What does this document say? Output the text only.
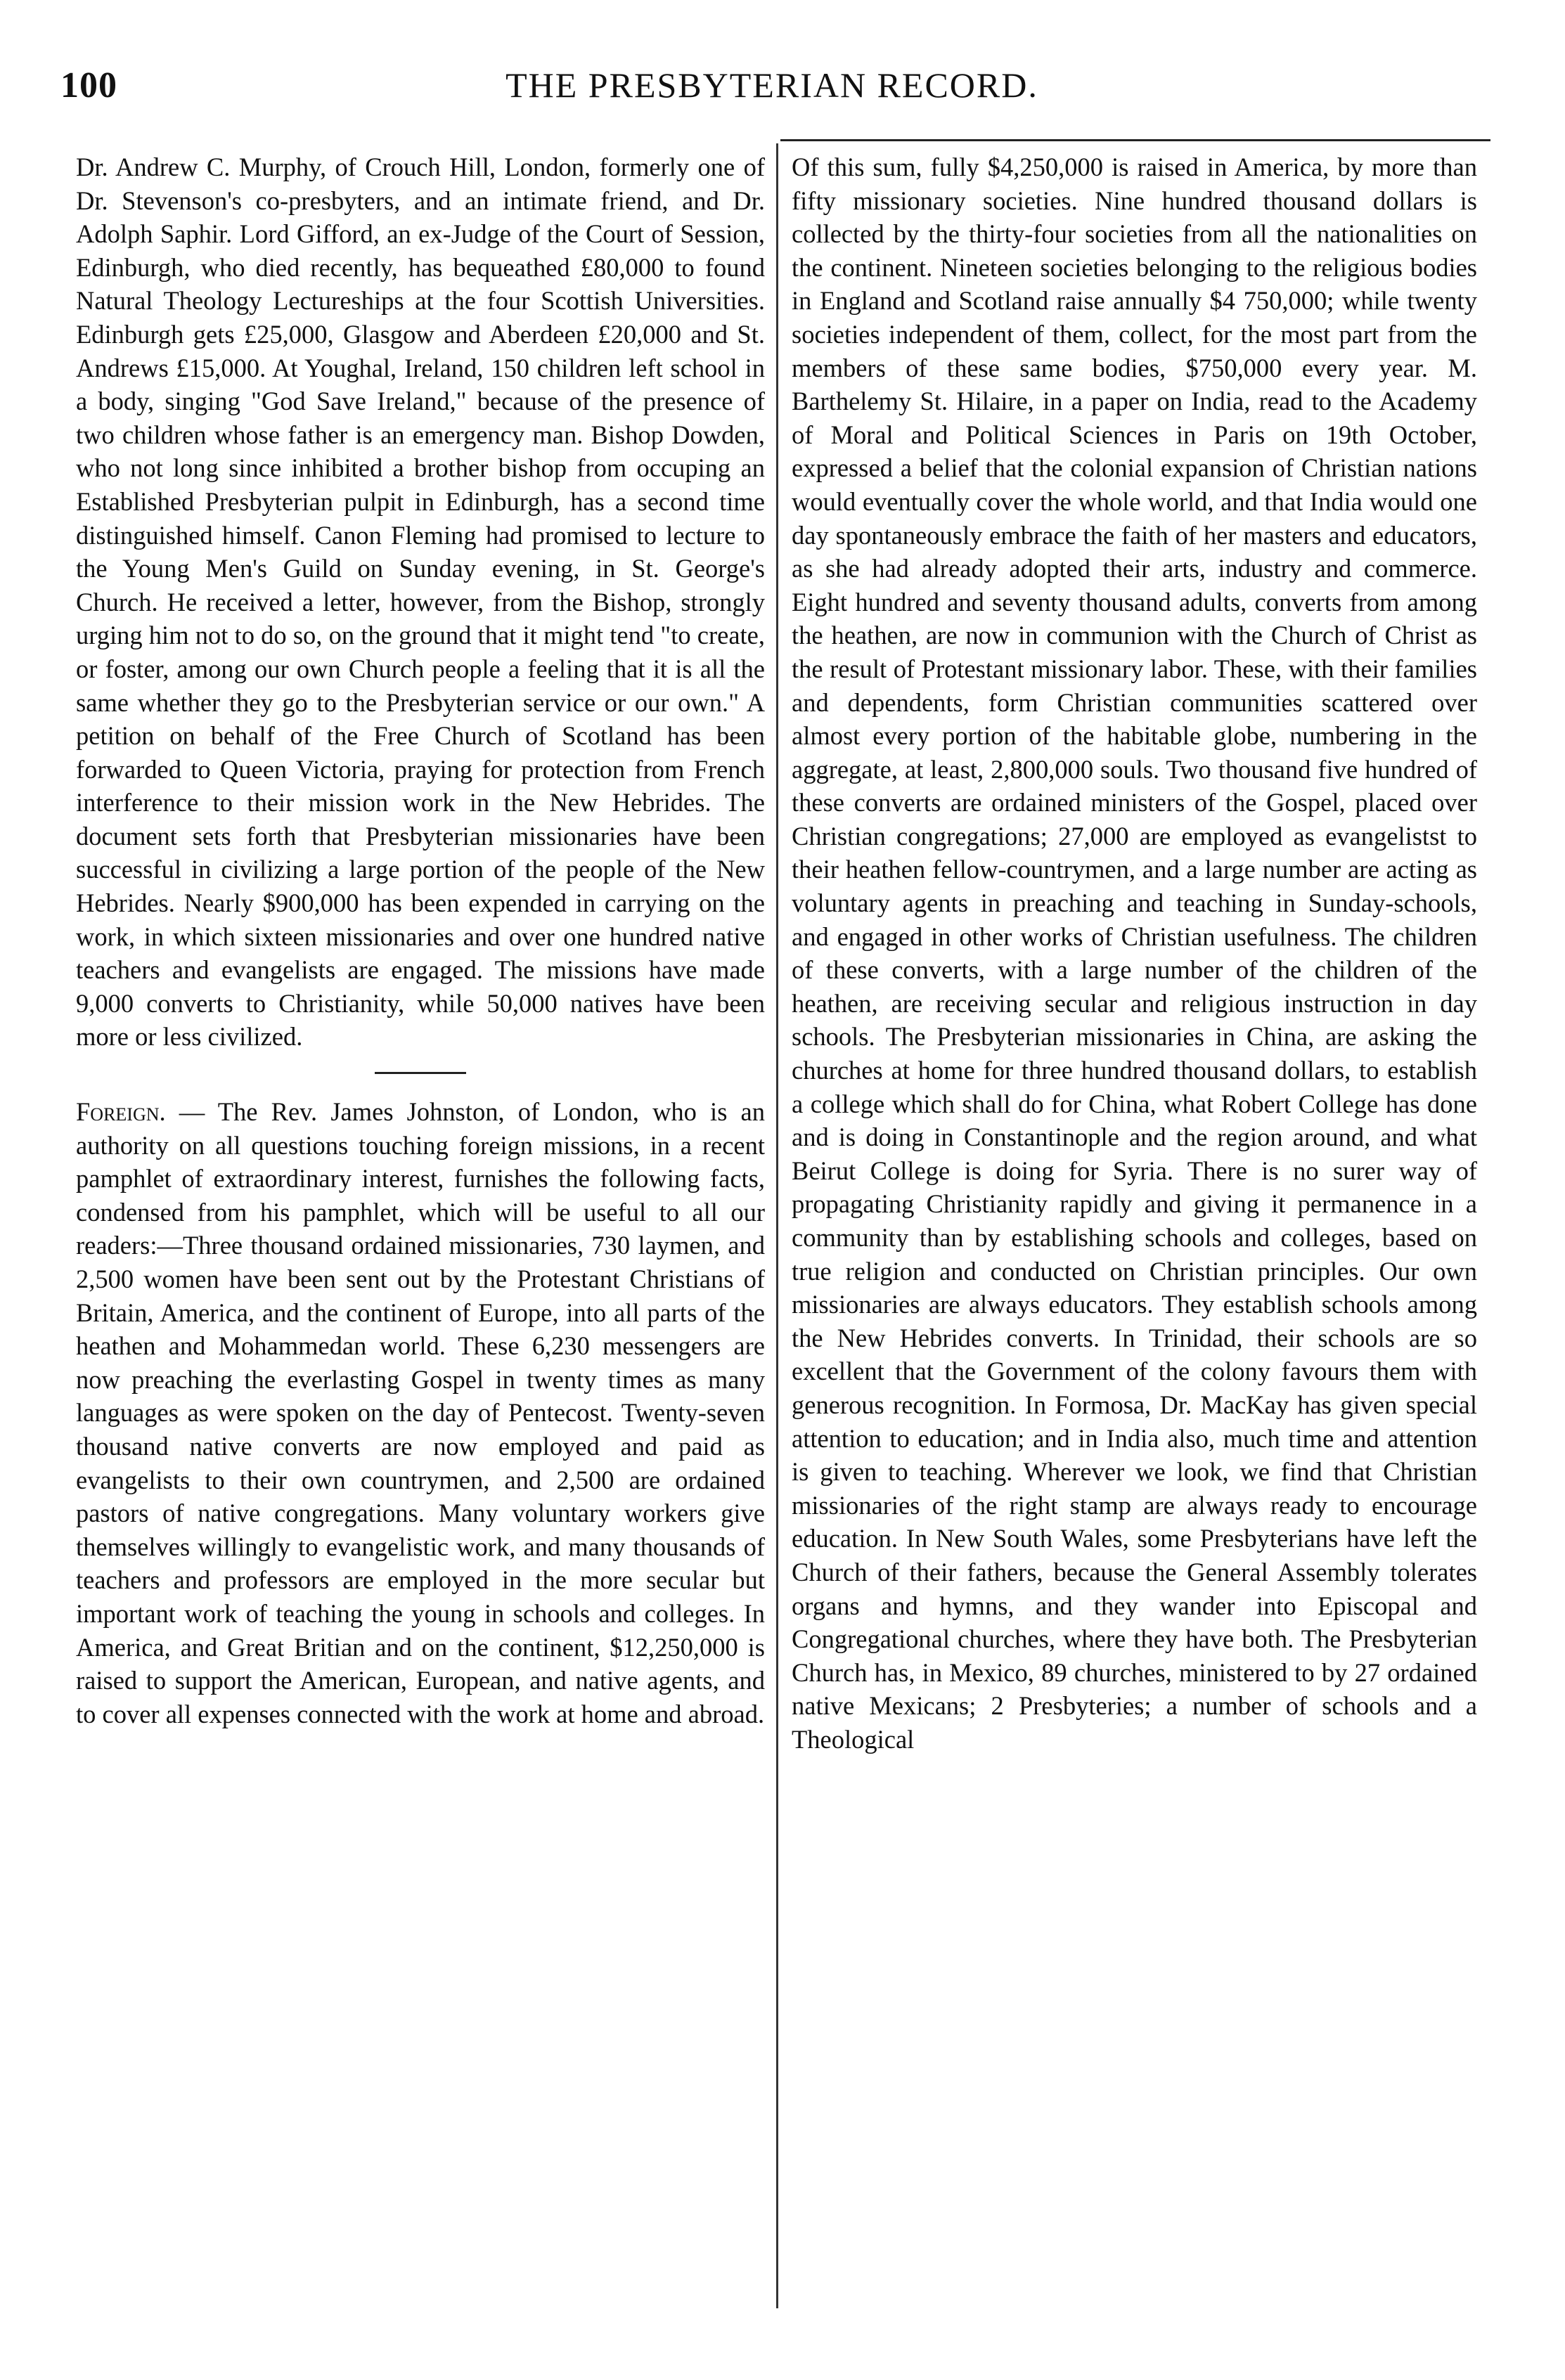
100	THE PRESBYTERIAN RECORD.

Dr. Andrew C. Murphy, of Crouch Hill, London, formerly one of Dr. Stevenson's co-presbyters, and an intimate friend, and Dr. Adolph Saphir. Lord Gifford, an ex-Judge of the Court of Session, Edinburgh, who died recently, has bequeathed £80,000 to found Natural Theology Lectureships at the four Scottish Universities. Edinburgh gets £25,000, Glasgow and Aberdeen £20,000 and St. Andrews £15,000. At Youghal, Ireland, 150 children left school in a body, singing "God Save Ireland," because of the presence of two children whose father is an emergency man. Bishop Dowden, who not long since inhibited a brother bishop from occuping an Established Presbyterian pulpit in Edinburgh, has a second time distinguished himself. Canon Fleming had promised to lecture to the Young Men's Guild on Sunday evening, in St. George's Church. He received a letter, however, from the Bishop, strongly urging him not to do so, on the ground that it might tend "to create, or foster, among our own Church people a feeling that it is all the same whether they go to the Presbyterian service or our own." A petition on behalf of the Free Church of Scotland has been forwarded to Queen Victoria, praying for protection from French interference to their mission work in the New Hebrides. The document sets forth that Presbyterian missionaries have been successful in civilizing a large portion of the people of the New Hebrides. Nearly $900,000 has been expended in carrying on the work, in which sixteen missionaries and over one hundred native teachers and evangelists are engaged. The missions have made 9,000 converts to Christianity, while 50,000 natives have been more or less civilized.

Foreign. — The Rev. James Johnston, of London, who is an authority on all questions touching foreign missions, in a recent pamphlet of extraordinary interest, furnishes the following facts, condensed from his pamphlet, which will be useful to all our readers:—Three thousand ordained missionaries, 730 laymen, and 2,500 women have been sent out by the Protestant Christians of Britain, America, and the continent of Europe, into all parts of the heathen and Mohammedan world. These 6,230 messengers are now preaching the everlasting Gospel in twenty times as many languages as were spoken on the day of Pentecost. Twenty-seven thousand native converts are now employed and paid as evangelists to their own countrymen, and 2,500 are ordained pastors of native congregations. Many voluntary workers give themselves willingly to evangelistic work, and many thousands of teachers and professors are employed in the more secular but important work of teaching the young in schools and colleges. In America, and Great Britian and on the continent, $12,250,000 is raised to support the American, European, and native agents, and to cover all expenses connected with the work at home and abroad.

Of this sum, fully $4,250,000 is raised in America, by more than fifty missionary societies. Nine hundred thousand dollars is collected by the thirty-four societies from all the nationalities on the continent. Nineteen societies belonging to the religious bodies in England and Scotland raise annually $4 750,000; while twenty societies independent of them, collect, for the most part from the members of these same bodies, $750,000 every year. M. Barthelemy St. Hilaire, in a paper on India, read to the Academy of Moral and Political Sciences in Paris on 19th October, expressed a belief that the colonial expansion of Christian nations would eventually cover the whole world, and that India would one day spontaneously embrace the faith of her masters and educators, as she had already adopted their arts, industry and commerce. Eight hundred and seventy thousand adults, converts from among the heathen, are now in communion with the Church of Christ as the result of Protestant missionary labor. These, with their families and dependents, form Christian communities scattered over almost every portion of the habitable globe, numbering in the aggregate, at least, 2,800,000 souls. Two thousand five hundred of these converts are ordained ministers of the Gospel, placed over Christian congregations; 27,000 are employed as evangelistst to their heathen fellow-countrymen, and a large number are acting as voluntary agents in preaching and teaching in Sunday-schools, and engaged in other works of Christian usefulness. The children of these converts, with a large number of the children of the heathen, are receiving secular and religious instruction in day schools. The Presbyterian missionaries in China, are asking the churches at home for three hundred thousand dollars, to establish a college which shall do for China, what Robert College has done and is doing in Constantinople and the region around, and what Beirut College is doing for Syria. There is no surer way of propagating Christianity rapidly and giving it permanence in a community than by establishing schools and colleges, based on true religion and conducted on Christian principles. Our own missionaries are always educators. They establish schools among the New Hebrides converts. In Trinidad, their schools are so excellent that the Government of the colony favours them with generous recognition. In Formosa, Dr. MacKay has given special attention to education; and in India also, much time and attention is given to teaching. Wherever we look, we find that Christian missionaries of the right stamp are always ready to encourage education. In New South Wales, some Presbyterians have left the Church of their fathers, because the General Assembly tolerates organs and hymns, and they wander into Episcopal and Congregational churches, where they have both. The Presbyterian Church has, in Mexico, 89 churches, ministered to by 27 ordained native Mexicans; 2 Presbyteries; a number of schools and a Theological
